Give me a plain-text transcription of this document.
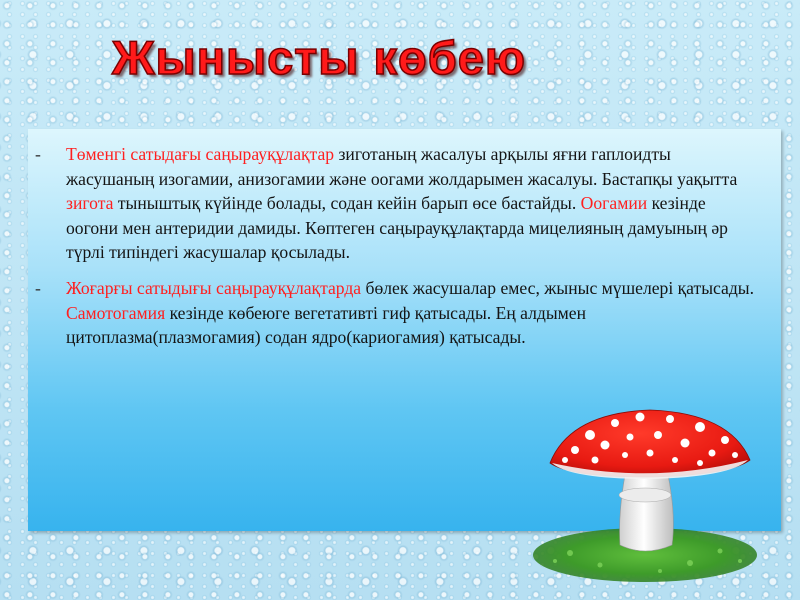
Жынысты көбею

- Төменгі сатыдағы саңырауқұлақтар зиготаның жасалуы арқылы яғни гаплоидты жасушаның изогамии, анизогамии және оогами жолдарымен жасалуы. Бастапқы уақытта зигота тыныштық күйінде болады, содан кейін барып өсе бастайды. Оогамии кезінде оогони мен антеридии дамиды. Көптеген саңырауқұлақтарда мицелияның дамуының әр түрлі типіндегі жасушалар қосылады.

- Жоғарғы сатыдығы саңырауқұлақтарда бөлек жасушалар емес, жыныс мүшелері қатысады. Самотогамия кезінде көбеюге вегетативті гиф қатысады. Ең алдымен цитоплазма(плазмогамия) содан ядро(кариогамия) қатысады.
